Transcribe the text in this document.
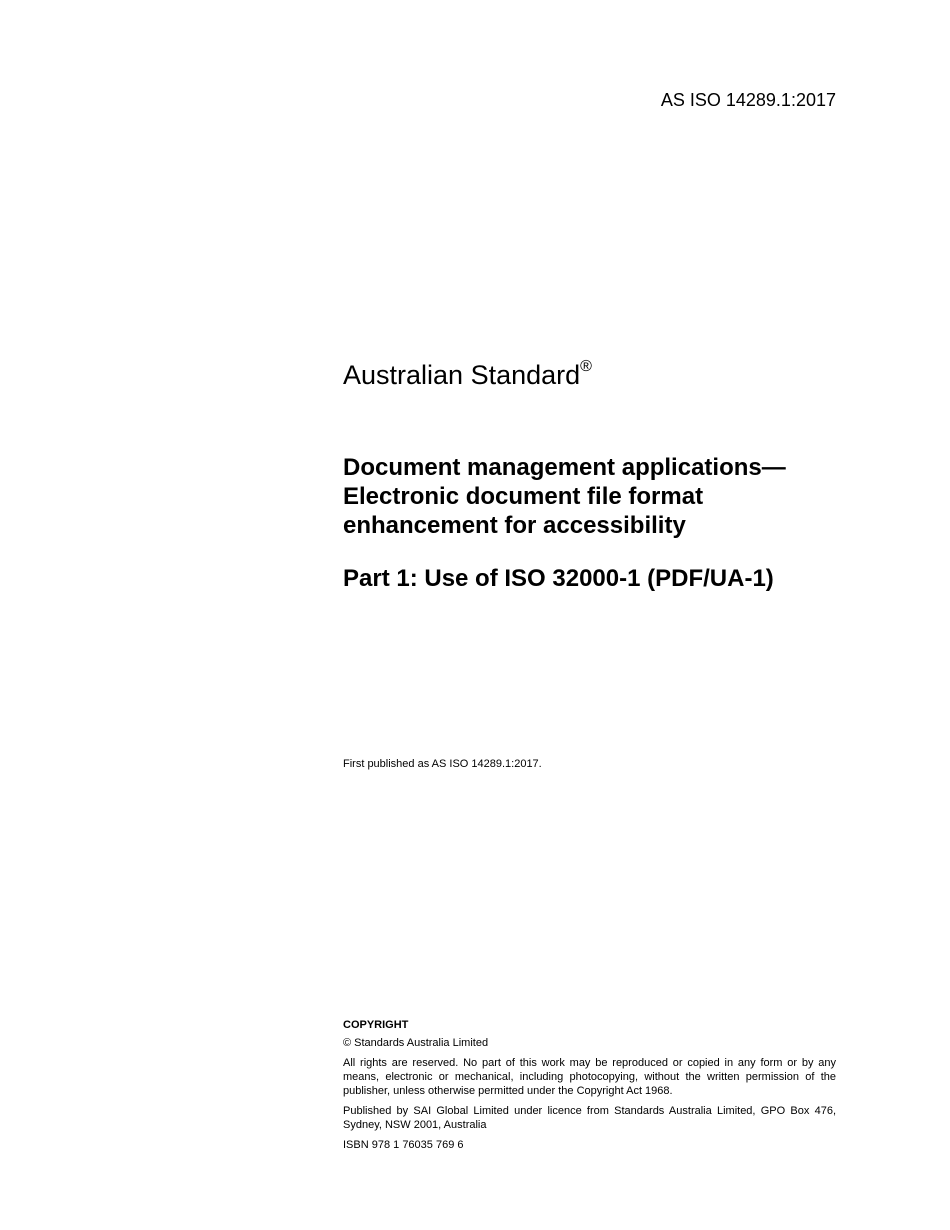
AS ISO 14289.1:2017
Australian Standard®
Document management applications—
Electronic document file format
enhancement for accessibility
Part 1: Use of ISO 32000-1 (PDF/UA-1)
First published as AS ISO 14289.1:2017.

COPYRIGHT

© Standards Australia Limited

All rights are reserved. No part of this work may be reproduced or copied in any form or by any means, electronic or mechanical, including photocopying, without the written permission of the publisher, unless otherwise permitted under the Copyright Act 1968.

Published by SAI Global Limited under licence from Standards Australia Limited, GPO Box 476, Sydney, NSW 2001, Australia

ISBN 978 1 76035 769 6
